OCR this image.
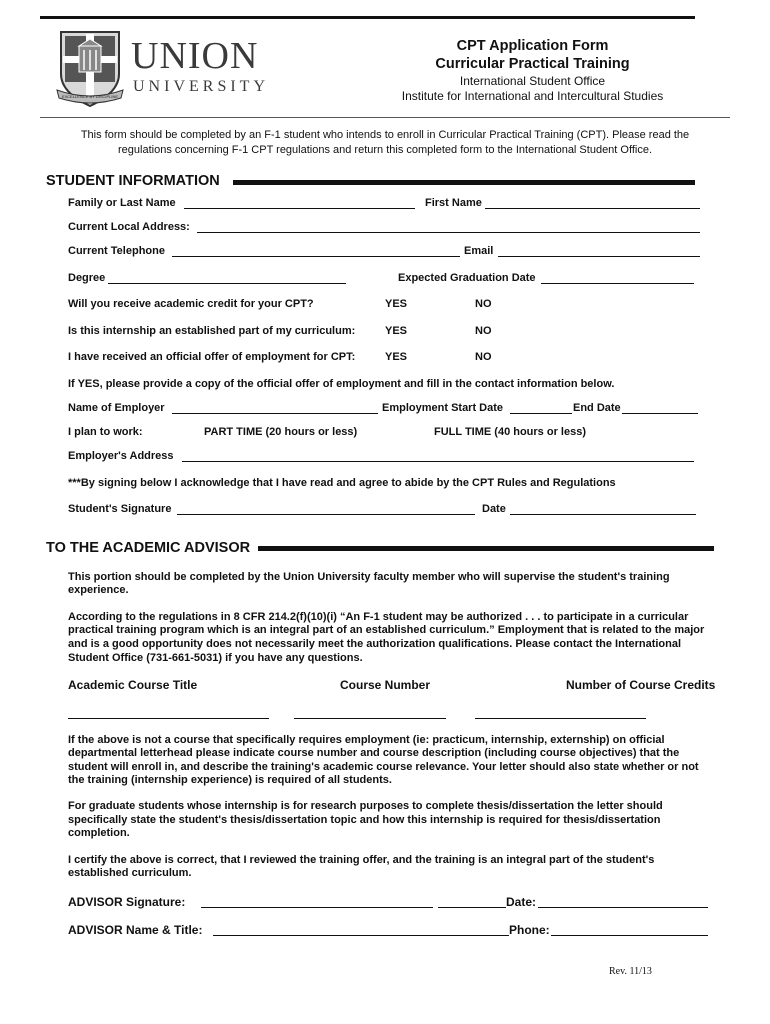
EXCELLENCE BY DISCIPLINE
UNION
UNIVERSITY
CPT Application Form
Curricular Practical Training
International Student Office
Institute for International and Intercultural Studies
This form should be completed by an F-1 student who intends to enroll in Curricular Practical Training (CPT). Please read the
regulations concerning F-1 CPT regulations and return this completed form to the International Student Office.
STUDENT INFORMATION
Family or Last Name	First Name
Current Local Address:
Current Telephone	Email
Degree	Expected Graduation Date
Will you receive academic credit for your CPT?	YES	NO
Is this internship an established part of my curriculum:	YES	NO
I have received an official offer of employment for CPT:	YES	NO
If YES, please provide a copy of the official offer of employment and fill in the contact information below.
Name of Employer	Employment Start Date	End Date
I plan to work:	PART TIME (20 hours or less)	FULL TIME (40 hours or less)
Employer's Address
***By signing below I acknowledge that I have read and agree to abide by the CPT Rules and Regulations
Student's Signature	Date
TO THE ACADEMIC ADVISOR
This portion should be completed by the Union University faculty member who will supervise the student's training
experience.
According to the regulations in 8 CFR 214.2(f)(10)(i) “An F-1 student may be authorized . . . to participate in a curricular
practical training program which is an integral part of an established curriculum.” Employment that is related to the major
and is a good opportunity does not necessarily meet the authorization qualifications. Please contact the International
Student Office (731-661-5031) if you have any questions.
Academic Course Title	Course Number	Number of Course Credits
If the above is not a course that specifically requires employment (ie: practicum, internship, externship) on official
departmental letterhead please indicate course number and course description (including course objectives) that the
student will enroll in, and describe the training's academic course relevance. Your letter should also state whether or not
the training (internship experience) is required of all students.
For graduate students whose internship is for research purposes to complete thesis/dissertation the letter should
specifically state the student's thesis/dissertation topic and how this internship is required for thesis/dissertation
completion.
I certify the above is correct, that I reviewed the training offer, and the training is an integral part of the student's
established curriculum.
ADVISOR Signature:	Date:
ADVISOR Name & Title:	Phone:
Rev. 11/13
